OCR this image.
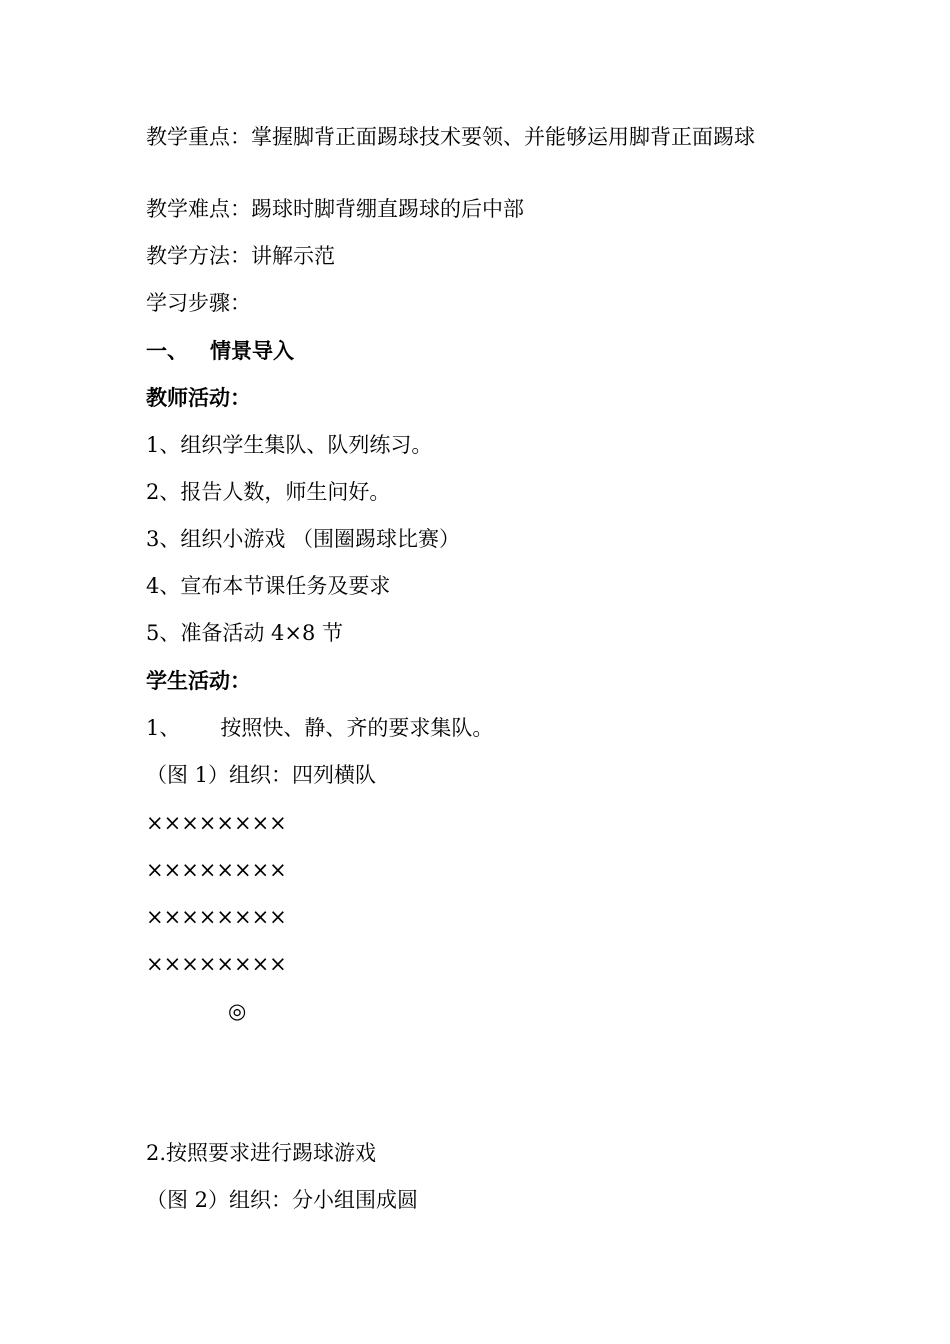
教学重点：掌握脚背正面踢球技术要领、并能够运用脚背正面踢球
教学难点：踢球时脚背绷直踢球的后中部
教学方法：讲解示范
学习步骤：
一、 情景导入
教师活动：
1、组织学生集队、队列练习。
2、报告人数，师生问好。
3、组织小游戏 （围圈踢球比赛）
4、宣布本节课任务及要求
5、准备活动 4×8 节
学生活动：
1、 按照快、静、齐的要求集队。
（图 1）组织：四列横队
××××××××
××××××××
××××××××
××××××××
◎
2.按照要求进行踢球游戏
（图 2）组织：分小组围成圆
